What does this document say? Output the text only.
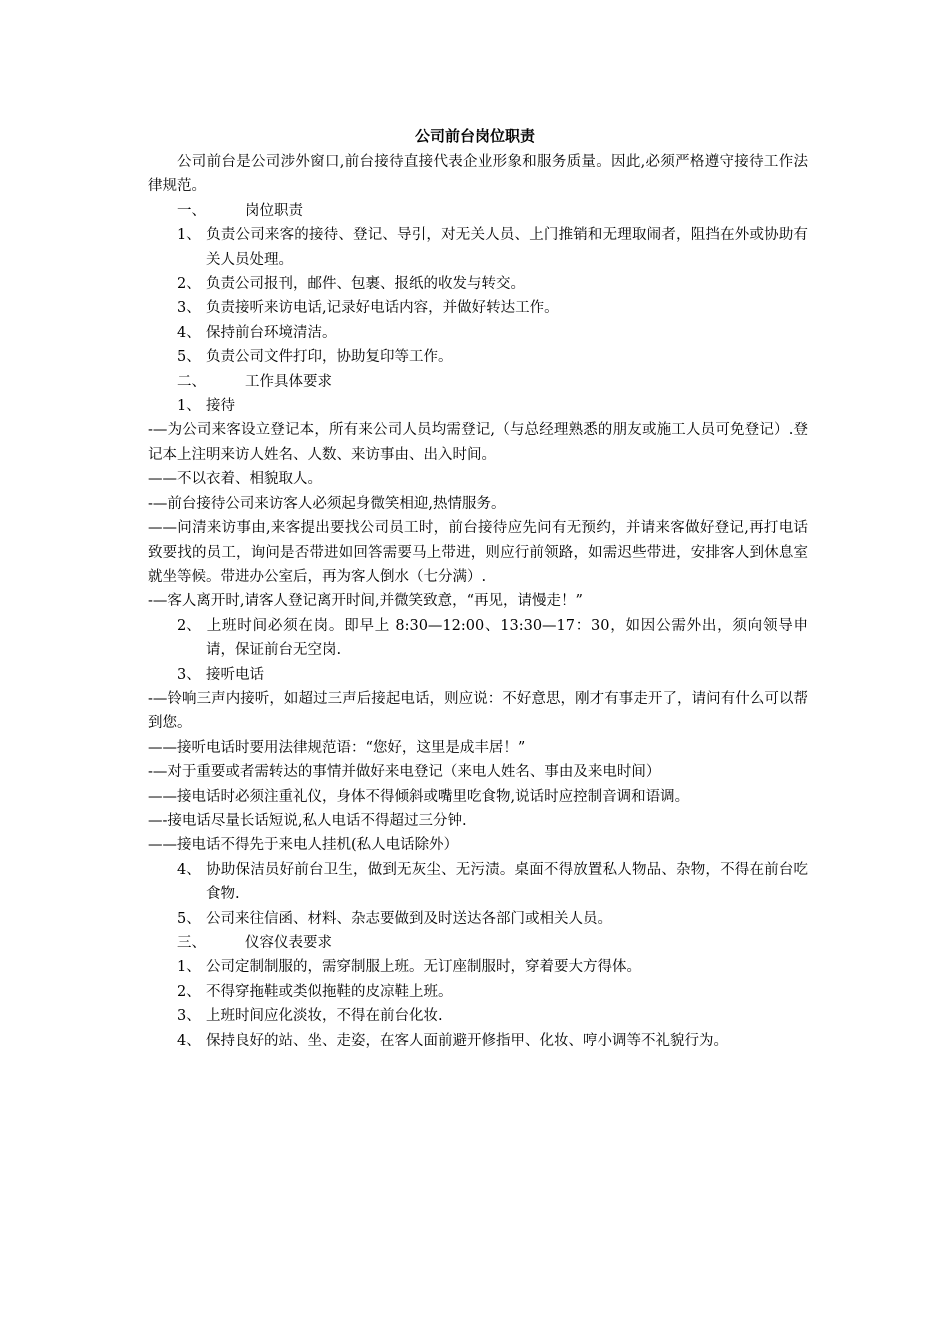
公司前台岗位职责

公司前台是公司涉外窗口,前台接待直接代表企业形象和服务质量。因此,必须严格遵守接待工作法律规范。

一、	岗位职责

1、 负责公司来客的接待、登记、导引，对无关人员、上门推销和无理取闹者，阻挡在外或协助有关人员处理。

2、 负责公司报刊，邮件、包裹、报纸的收发与转交。

3、 负责接听来访电话,记录好电话内容，并做好转达工作。

4、 保持前台环境清洁。

5、 负责公司文件打印，协助复印等工作。

二、	工作具体要求

1、 接待

-—为公司来客设立登记本，所有来公司人员均需登记,（与总经理熟悉的朋友或施工人员可免登记）.登记本上注明来访人姓名、人数、来访事由、出入时间。

——不以衣着、相貌取人。

-—前台接待公司来访客人必须起身微笑相迎,热情服务。

——问清来访事由,来客提出要找公司员工时，前台接待应先问有无预约，并请来客做好登记,再打电话致要找的员工，询问是否带进如回答需要马上带进，则应行前领路，如需迟些带进，安排客人到休息室就坐等候。带进办公室后，再为客人倒水（七分满）.

-—客人离开时,请客人登记离开时间,并微笑致意，“再见，请慢走！”

2、 上班时间必须在岗。即早上 8:30—12:00、13:30—17：30，如因公需外出，须向领导申请，保证前台无空岗.

3、 接听电话

-—铃响三声内接听，如超过三声后接起电话，则应说：不好意思，刚才有事走开了，请问有什么可以帮到您。

——接听电话时要用法律规范语：“您好，这里是成丰居！”

-—对于重要或者需转达的事情并做好来电登记（来电人姓名、事由及来电时间）

——接电话时必须注重礼仪，身体不得倾斜或嘴里吃食物,说话时应控制音调和语调。

—-接电话尽量长话短说,私人电话不得超过三分钟.

——接电话不得先于来电人挂机(私人电话除外）

4、 协助保洁员好前台卫生，做到无灰尘、无污渍。桌面不得放置私人物品、杂物，不得在前台吃食物.

5、 公司来往信函、材料、杂志要做到及时送达各部门或相关人员。

三、	仪容仪表要求

1、 公司定制制服的，需穿制服上班。无订座制服时，穿着要大方得体。

2、 不得穿拖鞋或类似拖鞋的皮凉鞋上班。

3、 上班时间应化淡妆，不得在前台化妆.

4、 保持良好的站、坐、走姿，在客人面前避开修指甲、化妆、哼小调等不礼貌行为。
